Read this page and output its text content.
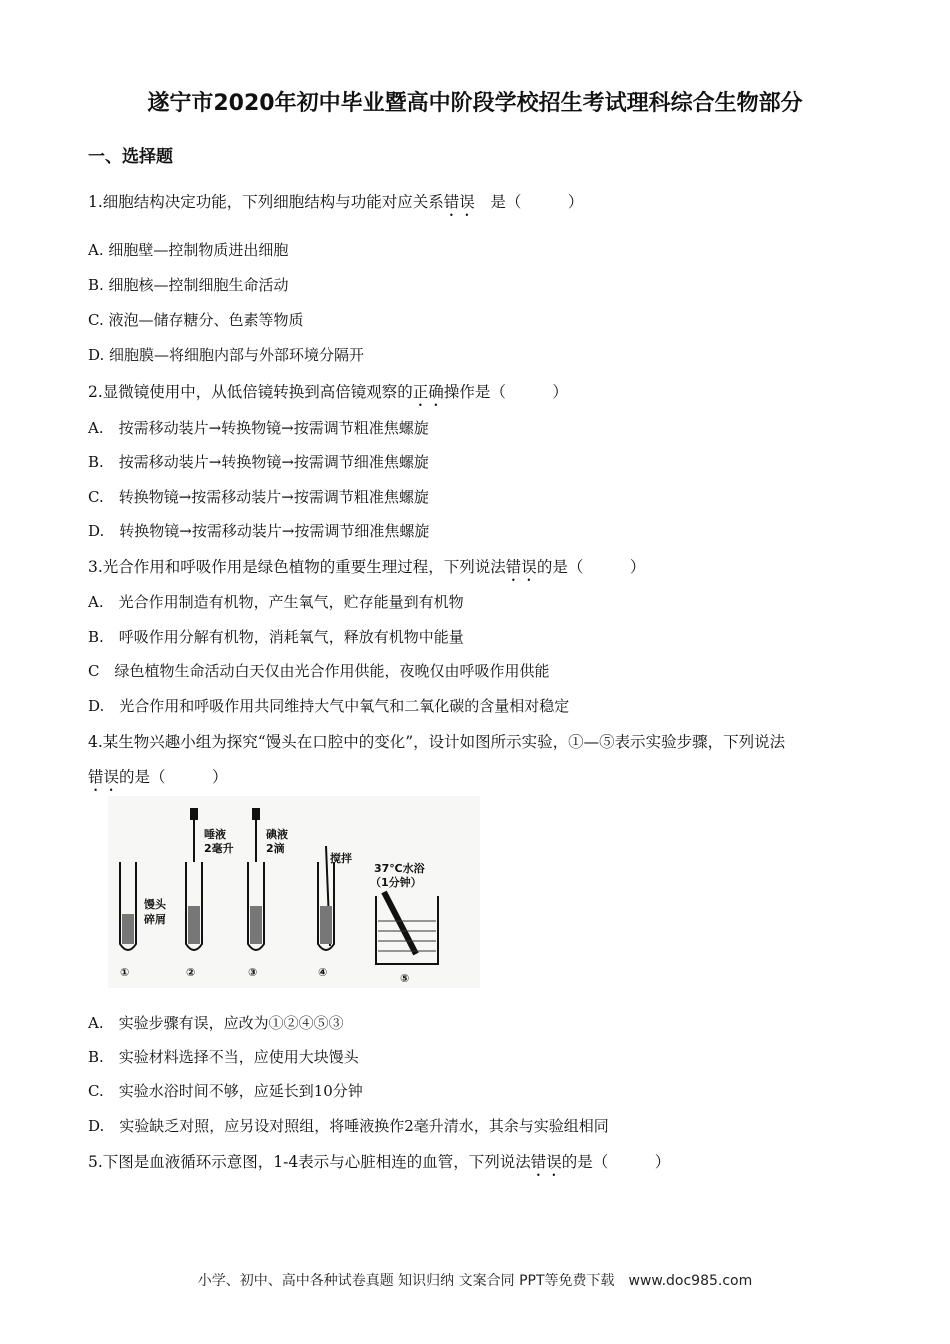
遂宁市2020年初中毕业暨高中阶段学校招生考试理科综合生物部分
一、选择题
1.细胞结构决定功能，下列细胞结构与功能对应关系错误　是（　　　）
A. 细胞壁—控制物质进出细胞
B. 细胞核—控制细胞生命活动
C. 液泡—储存糖分、色素等物质
D. 细胞膜—将细胞内部与外部环境分隔开
2.显微镜使用中，从低倍镜转换到高倍镜观察的正确操作是（　　　）
A.　按需移动装片→转换物镜→按需调节粗准焦螺旋
B.　按需移动装片→转换物镜→按需调节细准焦螺旋
C.　转换物镜→按需移动装片→按需调节粗准焦螺旋
D.　转换物镜→按需移动装片→按需调节细准焦螺旋
3.光合作用和呼吸作用是绿色植物的重要生理过程，下列说法错误的是（　　　）
A.　光合作用制造有机物，产生氧气，贮存能量到有机物
B.　呼吸作用分解有机物，消耗氧气，释放有机物中能量
C　绿色植物生命活动白天仅由光合作用供能，夜晚仅由呼吸作用供能
D.　光合作用和呼吸作用共同维持大气中氧气和二氧化碳的含量相对稳定
4.某生物兴趣小组为探究“馒头在口腔中的变化”，设计如图所示实验，①—⑤表示实验步骤，下列说法
错误的是（　　　）
馒头
碎屑
唾液
2毫升
碘液
2滴
搅拌
37℃水浴
（1分钟）
①	②	③	④	⑤
A.　实验步骤有误，应改为①②④⑤③
B.　实验材料选择不当，应使用大块馒头
C.　实验水浴时间不够，应延长到10分钟
D.　实验缺乏对照，应另设对照组，将唾液换作2毫升清水，其余与实验组相同
5.下图是血液循环示意图，1-4表示与心脏相连的血管，下列说法错误的是（　　　）
小学、初中、高中各种试卷真题 知识归纳 文案合同 PPT等免费下载　www.doc985.com
